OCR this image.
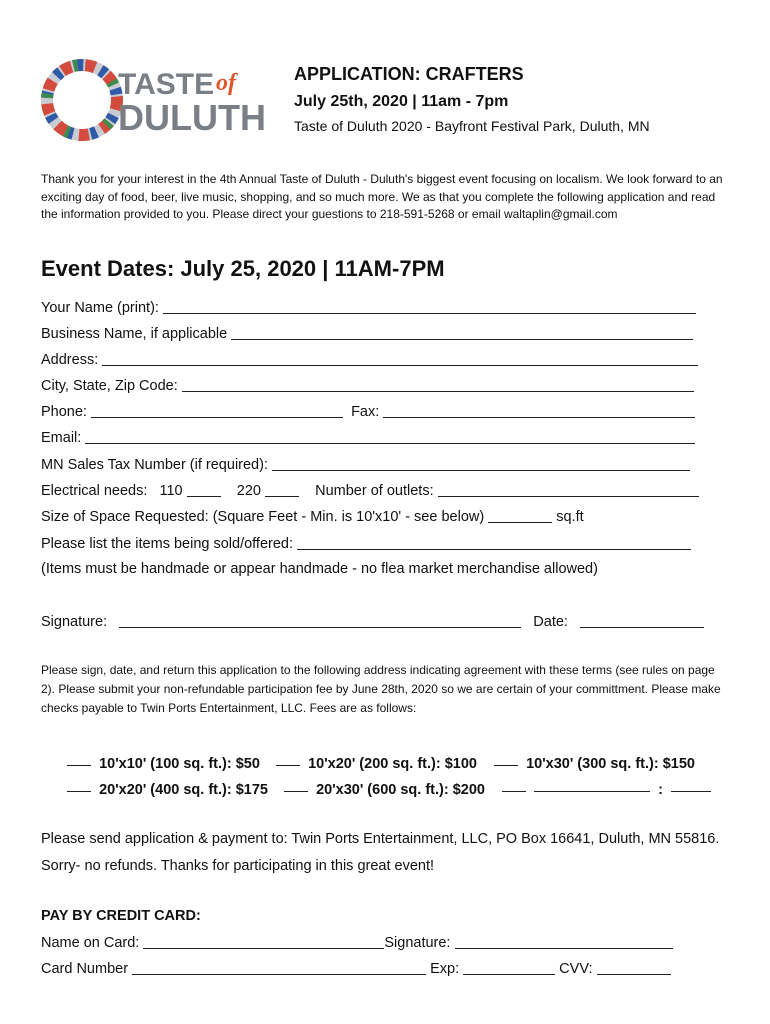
TASTE of
DULUTH
APPLICATION: CRAFTERS
July 25th, 2020 | 11am - 7pm
Taste of Duluth 2020 - Bayfront Festival Park, Duluth, MN
Thank you for your interest in the 4th Annual Taste of Duluth - Duluth's biggest event focusing on localism. We look forward to an exciting day of food, beer, live music, shopping, and so much more. We as that you complete the following application and read the information provided to you. Please direct your guestions to 218-591-5268 or email waltaplin@gmail.com
Event Dates: July 25, 2020 | 11AM-7PM
Your Name (print):

Business Name, if applicable

Address:

City, State, Zip Code:

Phone:

	Fax:

Email:

MN Sales Tax Number (if required):

Electrical needs:
110

	220

	Number of outlets:

Size of Space Requested: (Square Feet - Min. is 10'x10' - see below)

	sq.ft
Please list the items being sold/offered:

(Items must be handmade or appear handmade - no flea market merchandise allowed)
Signature:

	Date:

Please sign, date, and return this application to the following address indicating agreement with these terms (see rules on page 2). Please submit your non-refundable participation fee by June 28th, 2020 so we are certain of your committment. Please make checks payable to Twin Ports Entertainment, LLC. Fees are as follows:
10'x10' (100 sq. ft.): $50	10'x20' (200 sq. ft.): $100	10'x30' (300 sq. ft.): $150
20'x20' (400 sq. ft.): $175	20'x30' (600 sq. ft.): $200	:
Please send application & payment to: Twin Ports Entertainment, LLC, PO Box 16641, Duluth, MN 55816. Sorry- no refunds. Thanks for participating in this great event!
PAY BY CREDIT CARD:
Name on Card:
	Signature:

Card Number

	Exp:

	CVV:
